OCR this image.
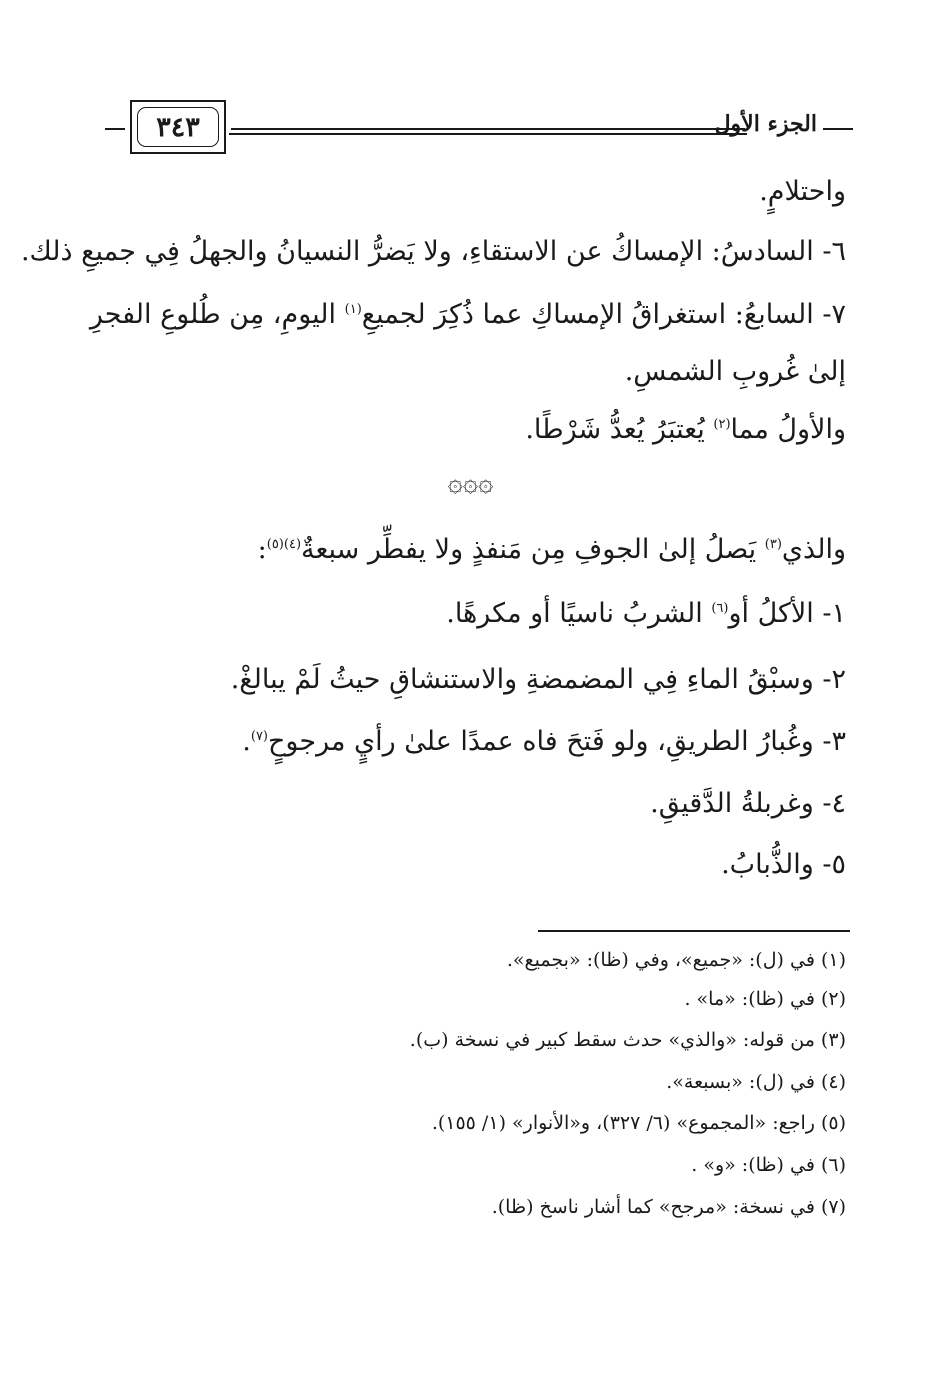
٣٤٣	الجزء الأول
واحتلامٍ.
٦- السادسُ: الإمساكُ عن الاستقاءِ، ولا يَضرُّ النسيانُ والجهلُ فِي جميعِ ذلك.
٧- السابعُ: استغراقُ الإمساكِ عما ذُكِرَ لجميعِ$^{(١)}$ اليومِ، مِن طُلوعِ الفجرِ
إلىٰ غُروبِ الشمسِ.
والأولُ مما$^{(٢)}$ يُعتبَرُ يُعدُّ شَرْطًا.
۞۞۞
والذي$^{(٣)}$ يَصلُ إلىٰ الجوفِ مِن مَنفذٍ ولا يفطِّر سبعةٌ$^{(٤)(٥)}$:
١- الأكلُ أو$^{(٦)}$ الشربُ ناسيًا أو مكرهًا.
٢- وسبْقُ الماءِ فِي المضمضةِ والاستنشاقِ حيثُ لَمْ يبالغْ.
٣- وغُبارُ الطريقِ، ولو فَتحَ فاه عمدًا علىٰ رأيٍ مرجوحٍ$^{(٧)}$.
٤- وغربلةُ الدَّقيقِ.
٥- والذُّبابُ.
(١) في (ل): «جميع»، وفي (ظا): «بجميع».
(٢) في (ظا): «ما» .
(٣) من قوله: «والذي» حدث سقط كبير في نسخة (ب).
(٤) في (ل): «بسبعة».
(٥) راجع: «المجموع» (٦/ ٣٢٧)، و«الأنوار» (١/ ١٥٥).
(٦) في (ظا): «و» .
(٧) في نسخة: «مرجح» كما أشار ناسخ (ظا).
